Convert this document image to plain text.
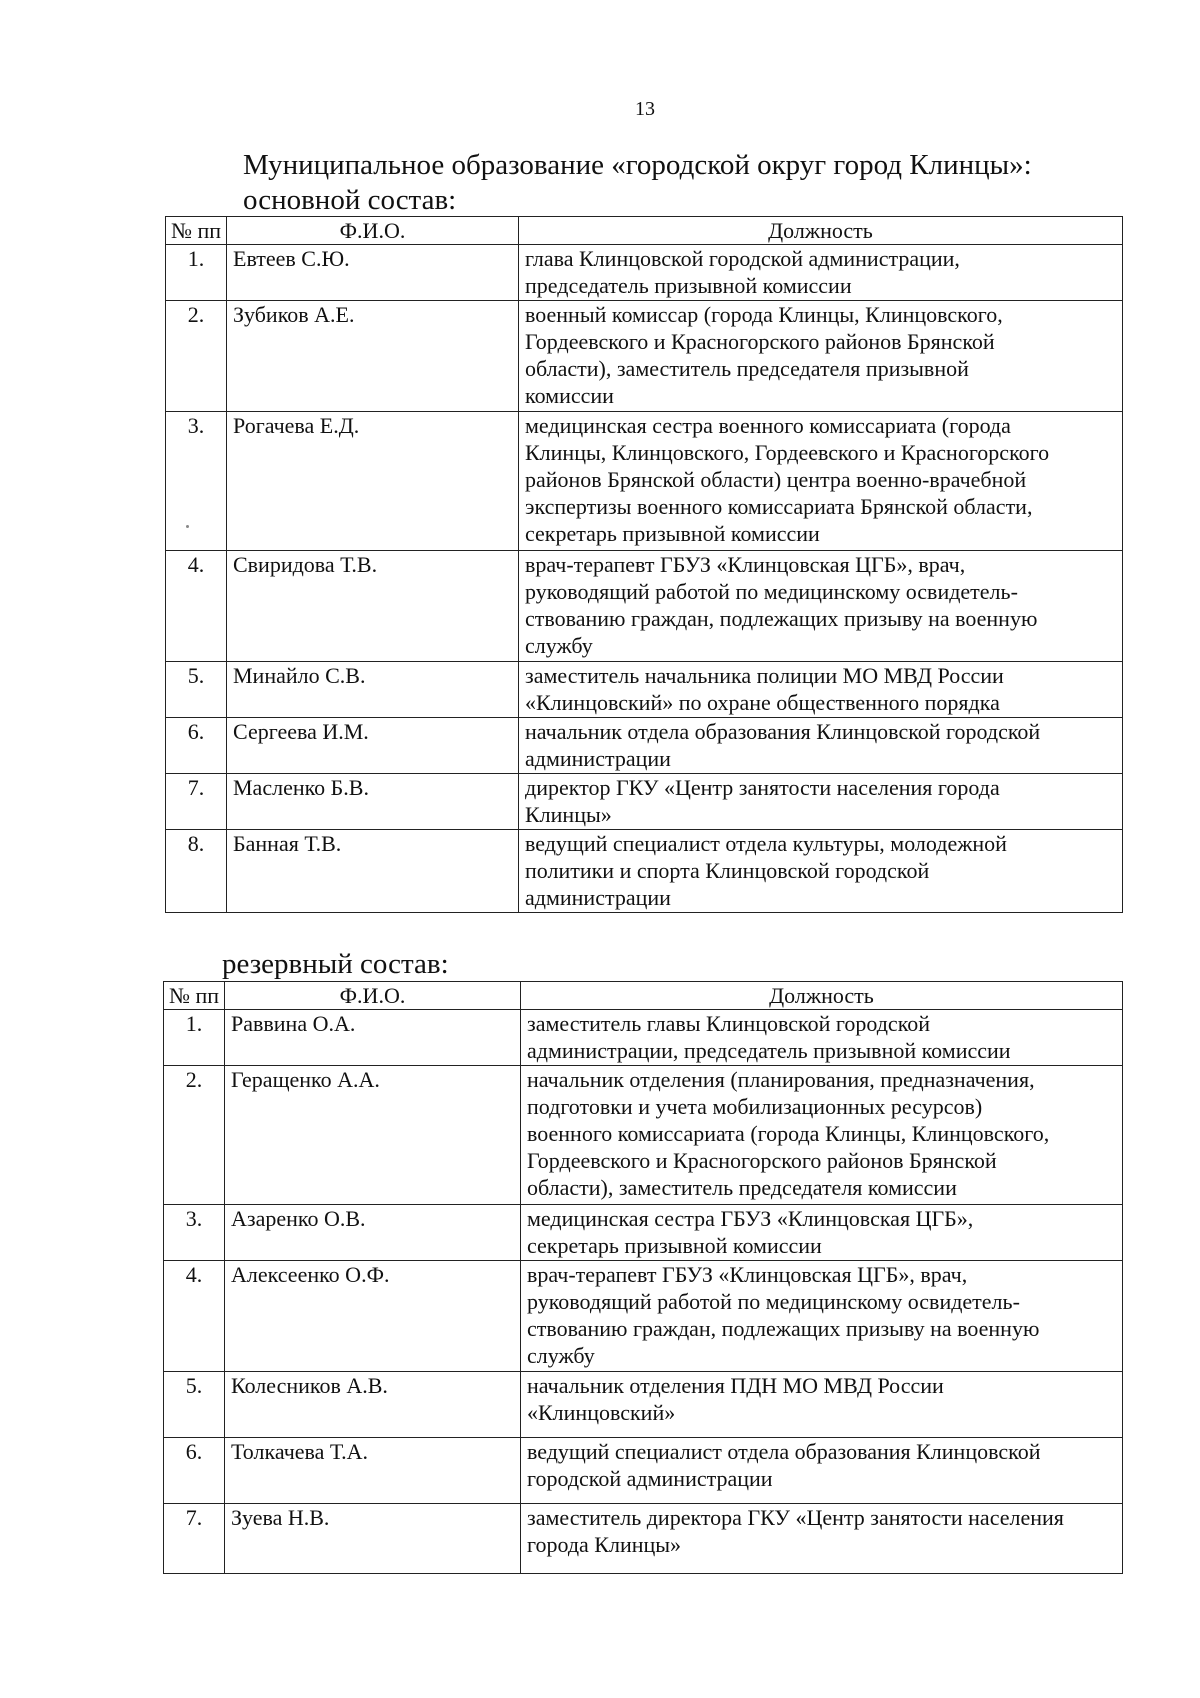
13
Муниципальное образование «городской округ город Клинцы»:
основной состав:
№ пп	Ф.И.О.	Должность
1.	Евтеев С.Ю.	глава Клинцовской городской администрации,
председатель призывной комиссии

2.	Зубиков А.Е.	военный комиссар (города Клинцы, Клинцовского,
Гордеевского и Красногорского районов Брянской
области), заместитель председателя призывной
комиссии

3.	Рогачева Е.Д.	медицинская сестра военного комиссариата (города
Клинцы, Клинцовского, Гордеевского и Красногорского
районов Брянской области) центра военно-врачебной
экспертизы военного комиссариата Брянской области,
секретарь призывной комиссии

4.	Свиридова Т.В.	врач-терапевт ГБУЗ «Клинцовская ЦГБ», врач,
руководящий работой по медицинскому освидетель-
ствованию граждан, подлежащих призыву на военную
службу

5.	Минайло С.В.	заместитель начальника полиции МО МВД России
«Клинцовский» по охране общественного порядка

6.	Сергеева И.М.	начальник отдела образования Клинцовской городской
администрации

7.	Масленко Б.В.	директор ГКУ «Центр занятости населения города
Клинцы»

8.	Банная Т.В.	ведущий специалист отдела культуры, молодежной
политики и спорта Клинцовской городской
администрации
резервный состав:
№ пп	Ф.И.О.	Должность
1.	Раввина О.А.	заместитель главы Клинцовской городской
администрации, председатель призывной комиссии

2.	Геращенко А.А.	начальник отделения (планирования, предназначения,
подготовки и учета мобилизационных ресурсов)
военного комиссариата (города Клинцы, Клинцовского,
Гордеевского и Красногорского районов Брянской
области), заместитель председателя комиссии

3.	Азаренко О.В.	медицинская сестра ГБУЗ «Клинцовская ЦГБ»,
секретарь призывной комиссии

4.	Алексеенко О.Ф.	врач-терапевт ГБУЗ «Клинцовская ЦГБ», врач,
руководящий работой по медицинскому освидетель-
ствованию граждан, подлежащих призыву на военную
службу

5.	Колесников А.В.	начальник отделения ПДН МО МВД России
«Клинцовский»

6.	Толкачева Т.А.	ведущий специалист отдела образования Клинцовской
городской администрации

7.	Зуева Н.В.	заместитель директора ГКУ «Центр занятости населения
города Клинцы»
